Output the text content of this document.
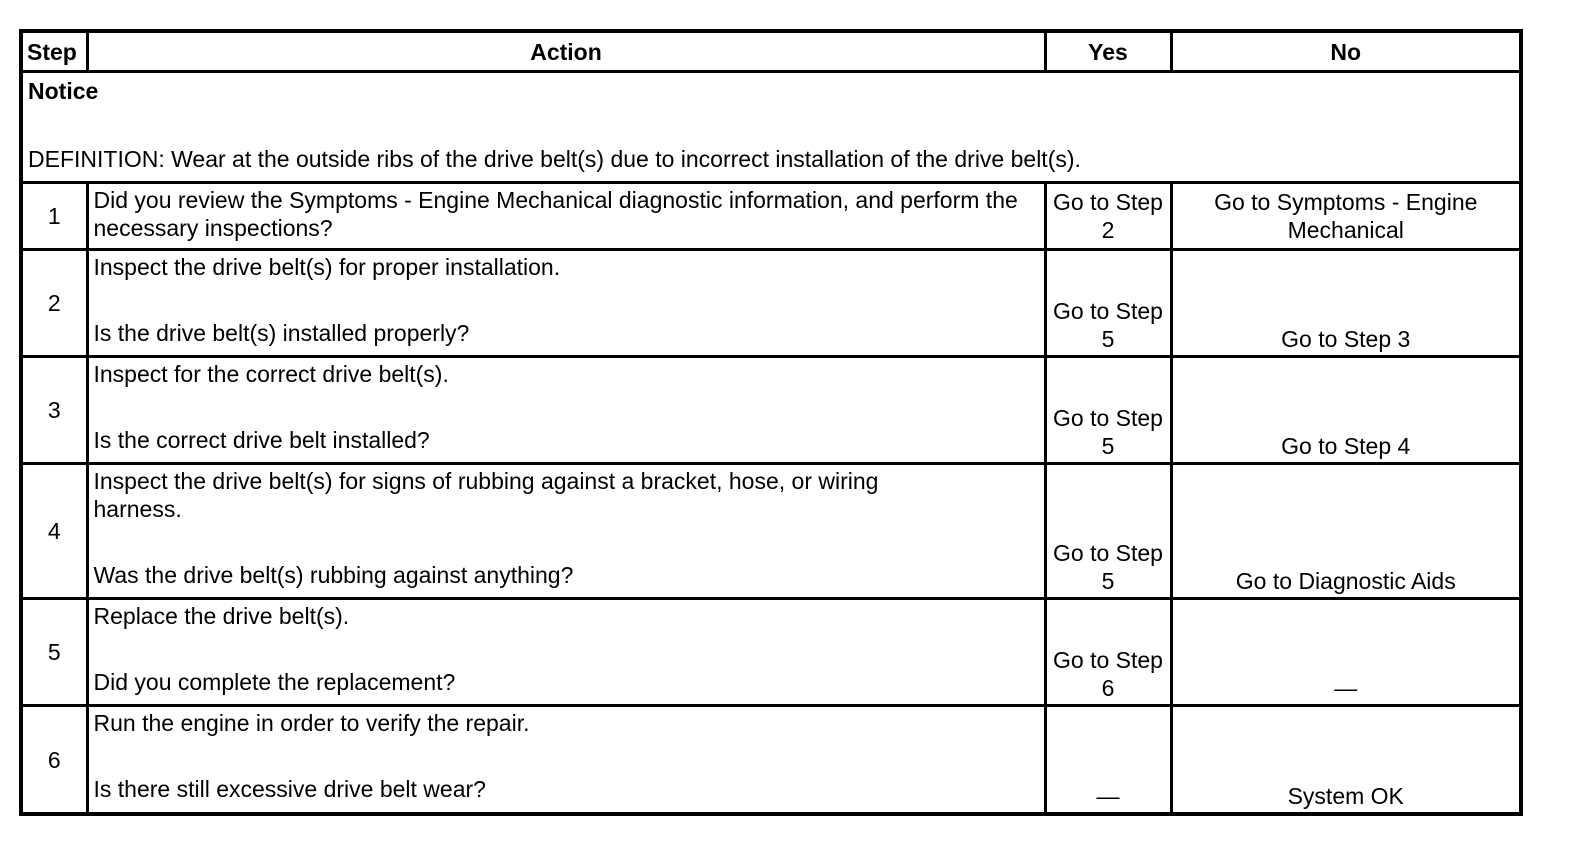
Step	Action	Yes	No

Notice
DEFINITION: Wear at the outside ribs of the drive belt(s) due to incorrect installation of the drive belt(s).			

1	Did you review the Symptoms - Engine Mechanical diagnostic information, and perform the necessary inspections?	Go to Step 2	Go to Symptoms - Engine Mechanical
2	Inspect the drive belt(s) for proper installation.
Is the drive belt(s) installed properly?	Go to Step 5	Go to Step 3
3	Inspect for the correct drive belt(s).
Is the correct drive belt installed?	Go to Step 5	Go to Step 4
4	Inspect the drive belt(s) for signs of rubbing against a bracket, hose, or wiring harness.
Was the drive belt(s) rubbing against anything?	Go to Step 5	Go to Diagnostic Aids
5	Replace the drive belt(s).
Did you complete the replacement?	Go to Step 6	—
6	Run the engine in order to verify the repair.
Is there still excessive drive belt wear?	—	System OK
